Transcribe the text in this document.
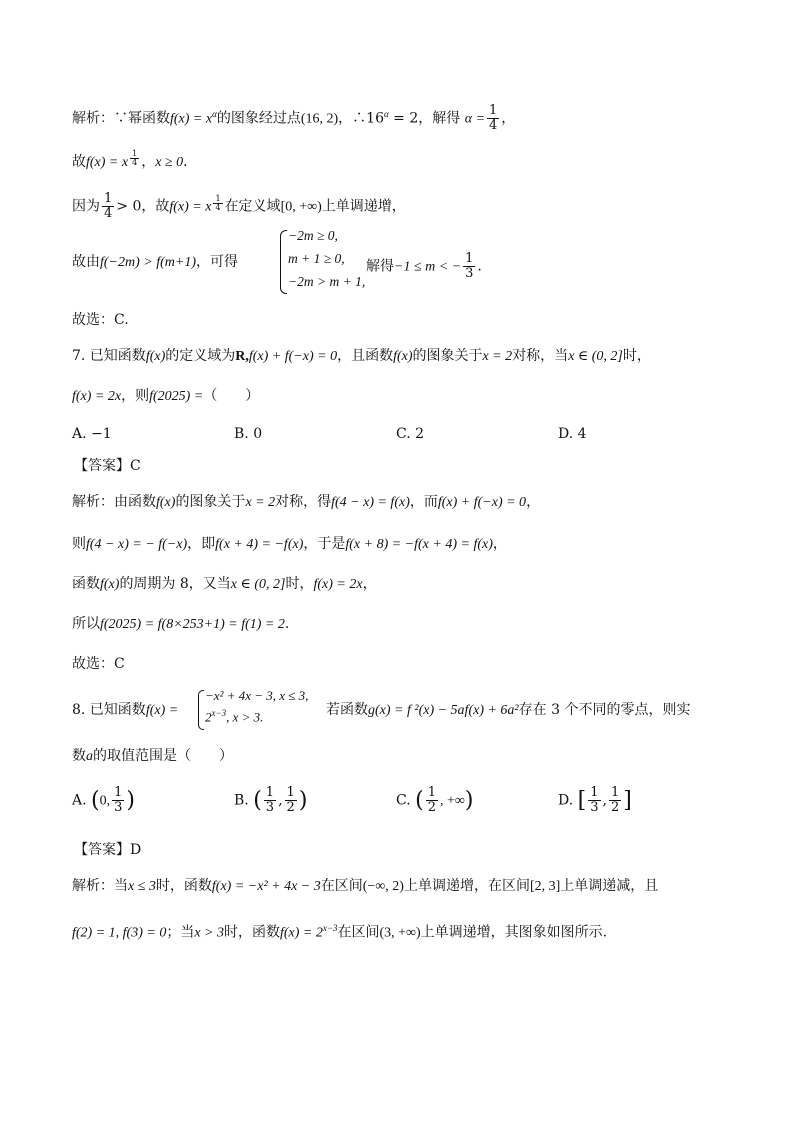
解析：∵幂函数$f(x) = x^\alpha$的图象经过点(16, 2)，$\therefore 16^\alpha = 2$，解得 $\alpha = \frac{1}{4}$ ，
故f(x) = x $^{\frac{1}{4}}$ ，x ≥ 0．
因为 $\frac{1}{4} > 0$，故f(x) = x $^{\frac{1}{4}}$ 在定义域[0, +∞)上单调递增，
故由f(−2m) > f(m+1)，可得
−2m ≥ 0,
m + 1 ≥ 0,
−2m > m + 1,
解得−1 ≤ m < − $\frac{1}{3}$ .
故选：C.
7. 已知函数f(x)的定义域为R,f(x) + f(−x) = 0，且函数f(x)的图象关于x = 2对称，当x ∈ (0, 2]时，
f(x) = 2x，则f(2025) =（　　）
A. −1	B. 0	C. 2	D. 4
【答案】C
解析：由函数f(x)的图象关于x = 2对称，得f(4 − x) = f(x)，而f(x) + f(−x) = 0，
则f(4 − x) = − f(−x)，即f(x + 4) = −f(x)，于是f(x + 8) = −f(x + 4) = f(x)，
函数f(x)的周期为 8，又当x ∈ (0, 2]时，f(x) = 2x，
所以f(2025) = f(8×253+1) = f(1) = 2.
故选：C
8. 已知函数f(x) =
−x² + 4x − 3, x ≤ 3,
$2^{x-3}$, x > 3.	若函数g(x) = f ²(x) − 5af(x) + 6a²存在 3 个不同的零点，则实
数a的取值范围是（　　）
A. (0, $\frac{1}{3}$ )	B. ( $\frac{1}{3}$ , $\frac{1}{2}$ )	C. ( $\frac{1}{2}$ , +∞)	D. [ $\frac{1}{3}$ , $\frac{1}{2}$ ]
【答案】D
解析：当x ≤ 3时，函数f(x) = −x² + 4x − 3在区间(−∞, 2)上单调递增，在区间[2, 3]上单调递减，且
f(2) = 1, f(3) = 0；当x > 3时，函数$f(x) = 2^{x-3}$在区间(3, +∞)上单调递增，其图象如图所示.
